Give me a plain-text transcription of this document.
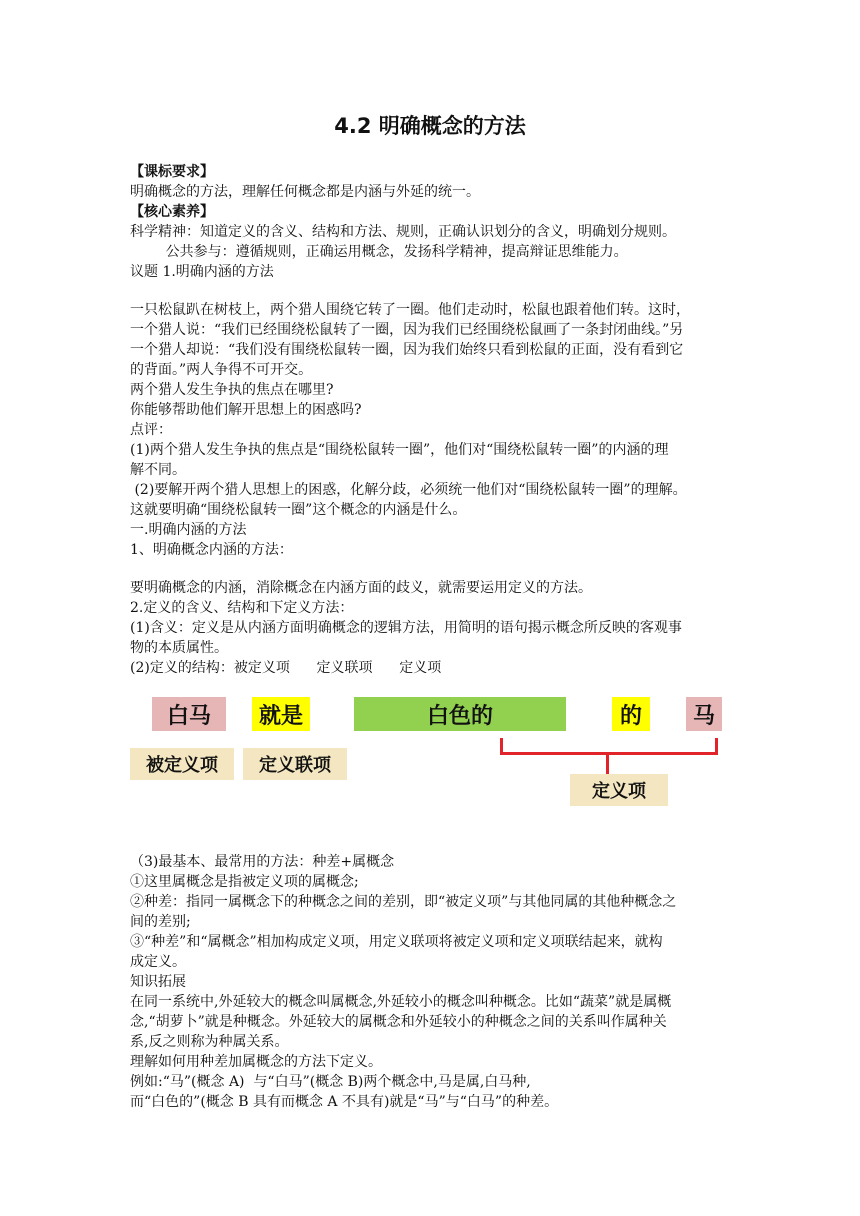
4.2 明确概念的方法
【课标要求】
明确概念的方法，理解任何概念都是内涵与外延的统一。
【核心素养】
科学精神：知道定义的含义、结构和方法、规则，正确认识划分的含义，明确划分规则。
公共参与：遵循规则，正确运用概念，发扬科学精神，提高辩证思维能力。
议题 1.明确内涵的方法
一只松鼠趴在树枝上，两个猎人围绕它转了一圈。他们走动时，松鼠也跟着他们转。这时，
一个猎人说：“我们已经围绕松鼠转了一圈，因为我们已经围绕松鼠画了一条封闭曲线。”另
一个猎人却说：“我们没有围绕松鼠转一圈，因为我们始终只看到松鼠的正面，没有看到它
的背面。”两人争得不可开交。
两个猎人发生争执的焦点在哪里?
你能够帮助他们解开思想上的困惑吗?
点评：
(1)两个猎人发生争执的焦点是“围绕松鼠转一圈”，他们对“围绕松鼠转一圈”的内涵的理
解不同。
(2)要解开两个猎人思想上的困惑，化解分歧，必须统一他们对“围绕松鼠转一圈”的理解。
这就要明确“围绕松鼠转一圈”这个概念的内涵是什么。
一.明确内涵的方法
1、明确概念内涵的方法：
要明确概念的内涵，消除概念在内涵方面的歧义，就需要运用定义的方法。
2.定义的含义、结构和下定义方法：
(1)含义：定义是从内涵方面明确概念的逻辑方法，用简明的语句揭示概念所反映的客观事
物的本质属性。
(2)定义的结构：被定义项      定义联项      定义项
白马	就是	白色的	的	马
被定义项	定义联项
定义项
（3)最基本、最常用的方法：种差+属概念
①这里属概念是指被定义项的属概念;
②种差：指同一属概念下的种概念之间的差别，即“被定义项”与其他同属的其他种概念之
间的差别;
③“种差”和“属概念”相加构成定义项，用定义联项将被定义项和定义项联结起来，就构
成定义。
知识拓展
在同一系统中,外延较大的概念叫属概念,外延较小的概念叫种概念。比如“蔬菜”就是属概
念,“胡萝卜”就是种概念。外延较大的属概念和外延较小的种概念之间的关系叫作属种关
系,反之则称为种属关系。
理解如何用种差加属概念的方法下定义。
例如:“马”(概念 A)  与“白马”(概念 B)两个概念中,马是属,白马种,
而“白色的”(概念 B 具有而概念 A 不具有)就是“马”与“白马”的种差。
